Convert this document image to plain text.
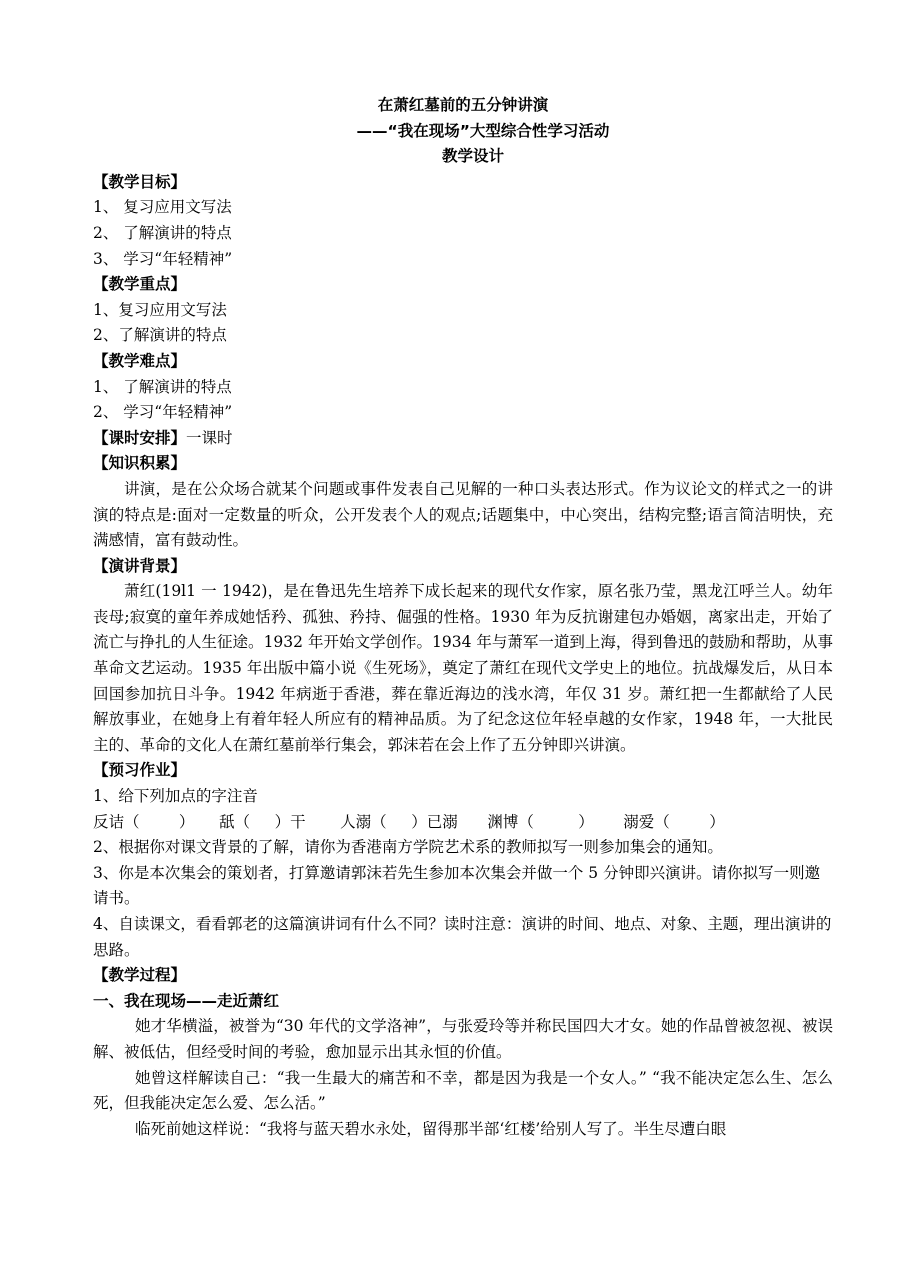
在萧红墓前的五分钟讲演
——“我在现场”大型综合性学习活动
教学设计
【教学目标】
1、 复习应用文写法
2、 了解演讲的特点
3、 学习“年轻精神”
【教学重点】
1、复习应用文写法
2、了解演讲的特点
【教学难点】
1、 了解演讲的特点
2、 学习“年轻精神”
【课时安排】一课时
【知识积累】
讲演，是在公众场合就某个问题或事件发表自己见解的一种口头表达形式。作为议论文的样式之一的讲演的特点是:面对一定数量的听众，公开发表个人的观点;话题集中，中心突出，结构完整;语言简洁明快，充满感情，富有鼓动性。
【演讲背景】
萧红(19l1 一 1942)，是在鲁迅先生培养下成长起来的现代女作家，原名张乃莹，黑龙江呼兰人。幼年丧母;寂寞的童年养成她恬矜、孤独、矜持、倔强的性格。1930 年为反抗谢建包办婚姻，离家出走，开始了流亡与挣扎的人生征途。1932 年开始文学创作。1934 年与萧军一道到上海，得到鲁迅的鼓励和帮助，从事革命文艺运动。1935 年出版中篇小说《生死场》，奠定了萧红在现代文学史上的地位。抗战爆发后，从日本回国参加抗日斗争。1942 年病逝于香港，葬在靠近海边的浅水湾，年仅 31 岁。萧红把一生都献给了人民解放事业，在她身上有着年轻人所应有的精神品质。为了纪念这位年轻卓越的女作家，1948 年，一大批民主的、革命的文化人在萧红墓前举行集会，郭沫若在会上作了五分钟即兴讲演。
【预习作业】
1、给下列加点的字注音
反诘（        ）     舐（     ）干       人溺（     ）已溺      渊博（         ）      溺爱（        ）
2、根据你对课文背景的了解，请你为香港南方学院艺术系的教师拟写一则参加集会的通知。
3、你是本次集会的策划者，打算邀请郭沫若先生参加本次集会并做一个 5 分钟即兴演讲。请你拟写一则邀请书。
4、自读课文，看看郭老的这篇演讲词有什么不同？读时注意：演讲的时间、地点、对象、主题，理出演讲的思路。
【教学过程】
一、我在现场——走近萧红
她才华横溢，被誉为“30 年代的文学洛神”，与张爱玲等并称民国四大才女。她的作品曾被忽视、被误解、被低估，但经受时间的考验，愈加显示出其永恒的价值。
她曾这样解读自己：“我一生最大的痛苦和不幸，都是因为我是一个女人。” “我不能决定怎么生、怎么死，但我能决定怎么爱、怎么活。”
临死前她这样说：“我将与蓝天碧水永处，留得那半部‘红楼’给别人写了。半生尽遭白眼
